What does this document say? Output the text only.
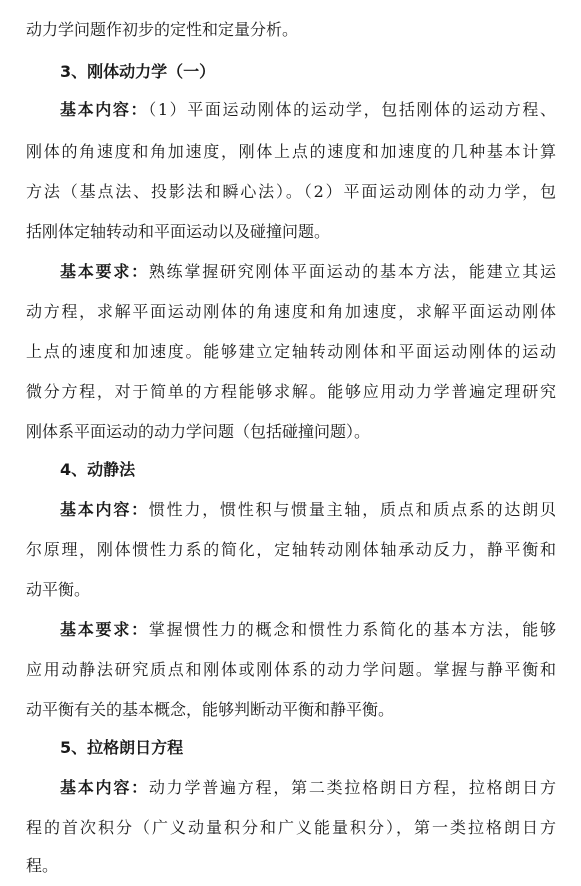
动力学问题作初步的定性和定量分析。
3、刚体动力学（一）
基本内容：（1）平面运动刚体的运动学，包括刚体的运动方程、
刚体的角速度和角加速度，刚体上点的速度和加速度的几种基本计算
方法（基点法、投影法和瞬心法）。（2）平面运动刚体的动力学，包
括刚体定轴转动和平面运动以及碰撞问题。
基本要求：熟练掌握研究刚体平面运动的基本方法，能建立其运
动方程，求解平面运动刚体的角速度和角加速度，求解平面运动刚体
上点的速度和加速度。能够建立定轴转动刚体和平面运动刚体的运动
微分方程，对于简单的方程能够求解。能够应用动力学普遍定理研究
刚体系平面运动的动力学问题（包括碰撞问题）。
4、动静法
基本内容：惯性力，惯性积与惯量主轴，质点和质点系的达朗贝
尔原理，刚体惯性力系的简化，定轴转动刚体轴承动反力，静平衡和
动平衡。
基本要求：掌握惯性力的概念和惯性力系简化的基本方法，能够
应用动静法研究质点和刚体或刚体系的动力学问题。掌握与静平衡和
动平衡有关的基本概念，能够判断动平衡和静平衡。
5、拉格朗日方程
基本内容：动力学普遍方程，第二类拉格朗日方程，拉格朗日方
程的首次积分（广义动量积分和广义能量积分），第一类拉格朗日方
程。
